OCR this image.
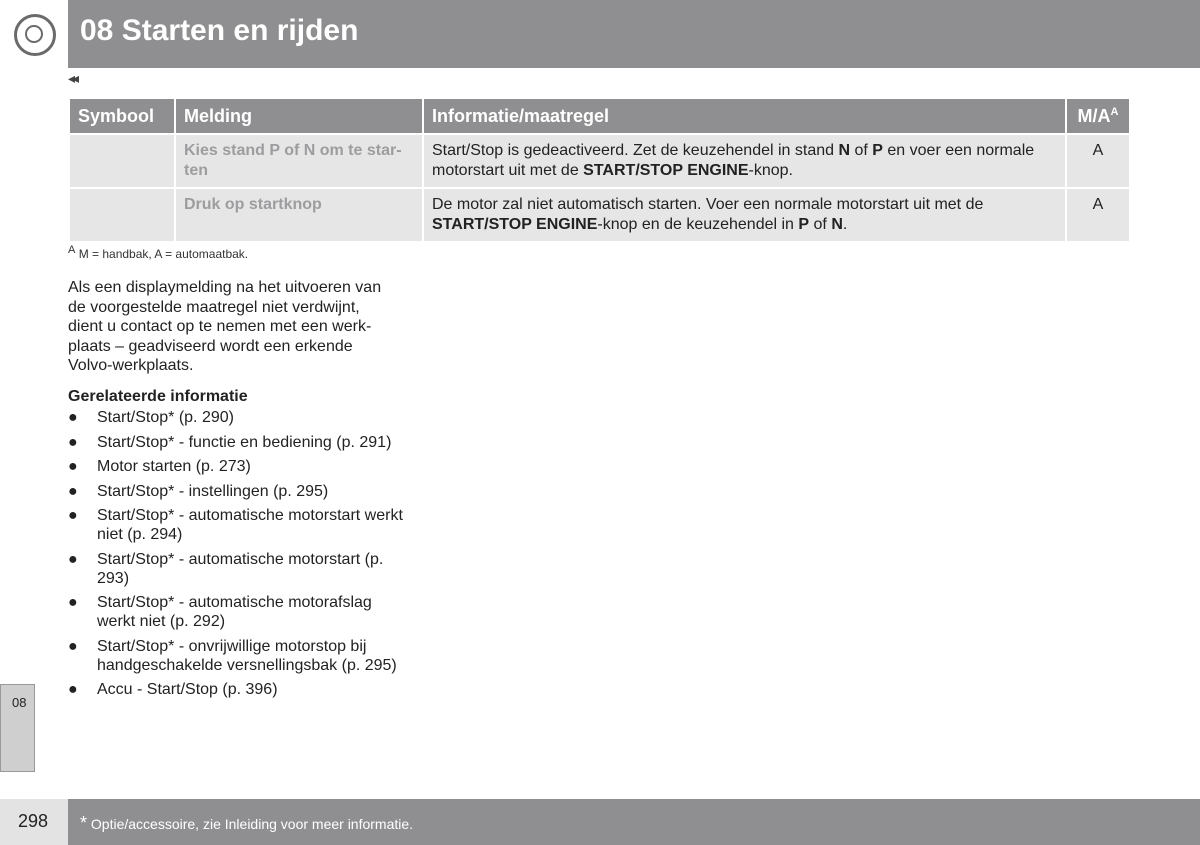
08 Starten en rijden
◂◂
Symbool	Melding	Informatie/maatregel	$M/A^A$
	Kies stand P of N om te star-ten	Start/Stop is gedeactiveerd. Zet de keuzehendel in stand N of P en voer een normale motorstart uit met de START/STOP ENGINE-knop.	A
	Druk op startknop	De motor zal niet automatisch starten. Voer een normale motorstart uit met de START/STOP ENGINE-knop en de keuzehendel in P of N.	A
$^A$ M = handbak, A = automaatbak.
Als een displaymelding na het uitvoeren van de voorgestelde maatregel niet verdwijnt, dient u contact op te nemen met een werk-plaats – geadviseerd wordt een erkende Volvo-werkplaats.
Gerelateerde informatie
● Start/Stop* (p. 290)
● Start/Stop* - functie en bediening (p. 291)
● Motor starten (p. 273)
● Start/Stop* - instellingen (p. 295)
● Start/Stop* - automatische motorstart werkt niet (p. 294)
● Start/Stop* - automatische motorstart (p. 293)
● Start/Stop* - automatische motorafslag werkt niet (p. 292)
● Start/Stop* - onvrijwillige motorstop bij handgeschakelde versnellingsbak (p. 295)
● Accu - Start/Stop (p. 396)
08
298 * Optie/accessoire, zie Inleiding voor meer informatie.
